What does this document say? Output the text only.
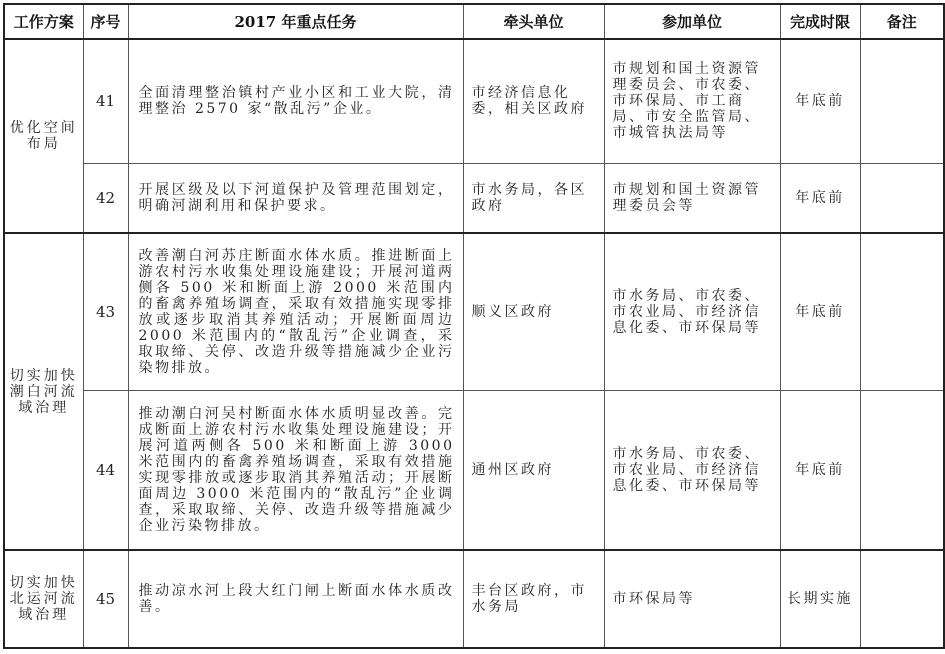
工作方案	序号	2017 年重点任务	牵头单位	参加单位	完成时限	备注
优化空间布局	41	全面清理整治镇村产业小区和工业大院，清理整治 2570 家“散乱污”企业。	市经济信息化委，相关区政府	市规划和国土资源管理委员会、市农委、市环保局、市工商局、市安全监管局、市城管执法局等	年底前	
	42	开展区级及以下河道保护及管理范围划定，明确河湖利用和保护要求。	市水务局，各区政府	市规划和国土资源管理委员会等	年底前	
切实加快潮白河流域治理	43	改善潮白河苏庄断面水体水质。推进断面上游农村污水收集处理设施建设；开展河道两侧各 500 米和断面上游 2000 米范围内的畜禽养殖场调查，采取有效措施实现零排放或逐步取消其养殖活动；开展断面周边 2000 米范围内的“散乱污”企业调查，采取取缔、关停、改造升级等措施减少企业污染物排放。	顺义区政府	市水务局、市农委、市农业局、市经济信息化委、市环保局等	年底前	
	44	推动潮白河吴村断面水体水质明显改善。完成断面上游农村污水收集处理设施建设；开展河道两侧各 500 米和断面上游 3000 米范围内的畜禽养殖场调查，采取有效措施实现零排放或逐步取消其养殖活动；开展断面周边 3000 米范围内的“散乱污”企业调查，采取取缔、关停、改造升级等措施减少企业污染物排放。	通州区政府	市水务局、市农委、市农业局、市经济信息化委、市环保局等	年底前	
切实加快北运河流域治理	45	推动凉水河上段大红门闸上断面水体水质改善。	丰台区政府，市水务局	市环保局等	长期实施	
